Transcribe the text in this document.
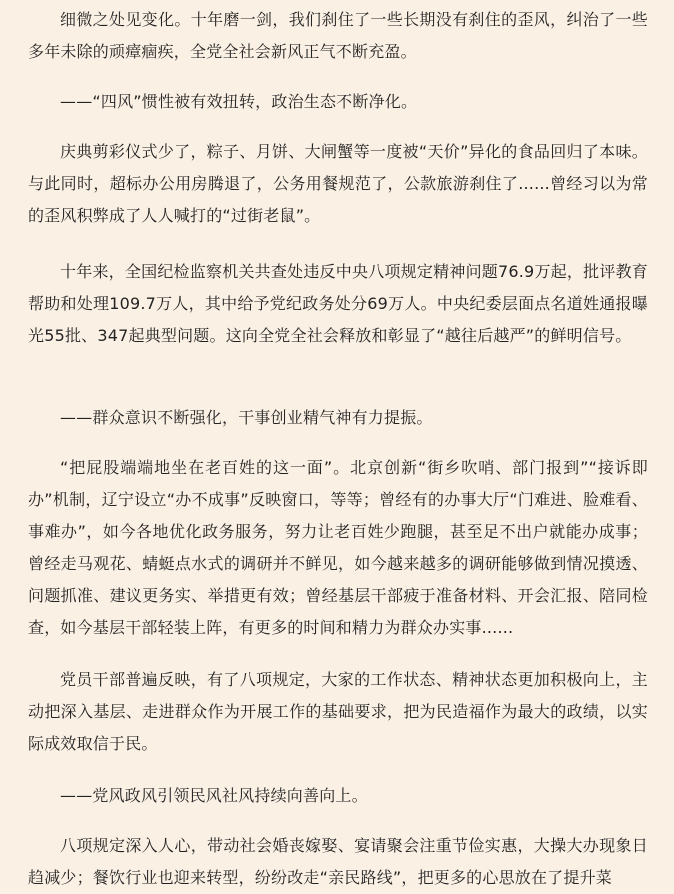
细微之处见变化。十年磨一剑，我们刹住了一些长期没有刹住的歪风，纠治了一些多年未除的顽瘴痼疾，全党全社会新风正气不断充盈。

——“四风”惯性被有效扭转，政治生态不断净化。

庆典剪彩仪式少了，粽子、月饼、大闸蟹等一度被“天价”异化的食品回归了本味。与此同时，超标办公用房腾退了，公务用餐规范了，公款旅游刹住了......曾经习以为常的歪风积弊成了人人喊打的“过街老鼠”。

十年来，全国纪检监察机关共查处违反中央八项规定精神问题76.9万起，批评教育帮助和处理109.7万人，其中给予党纪政务处分69万人。中央纪委层面点名道姓通报曝光55批、347起典型问题。这向全党全社会释放和彰显了“越往后越严”的鲜明信号。

——群众意识不断强化，干事创业精气神有力提振。

“把屁股端端地坐在老百姓的这一面”。北京创新“街乡吹哨、部门报到”“接诉即办”机制，辽宁设立“办不成事”反映窗口，等等；曾经有的办事大厅“门难进、脸难看、事难办”，如今各地优化政务服务，努力让老百姓少跑腿，甚至足不出户就能办成事；曾经走马观花、蜻蜓点水式的调研并不鲜见，如今越来越多的调研能够做到情况摸透、问题抓准、建议更务实、举措更有效；曾经基层干部疲于准备材料、开会汇报、陪同检查，如今基层干部轻装上阵，有更多的时间和精力为群众办实事......

党员干部普遍反映，有了八项规定，大家的工作状态、精神状态更加积极向上，主动把深入基层、走进群众作为开展工作的基础要求，把为民造福作为最大的政绩，以实际成效取信于民。

——党风政风引领民风社风持续向善向上。

八项规定深入人心，带动社会婚丧嫁娶、宴请聚会注重节俭实惠，大操大办现象日趋减少；餐饮行业也迎来转型，纷纷改走“亲民路线”，把更多的心思放在了提升菜
